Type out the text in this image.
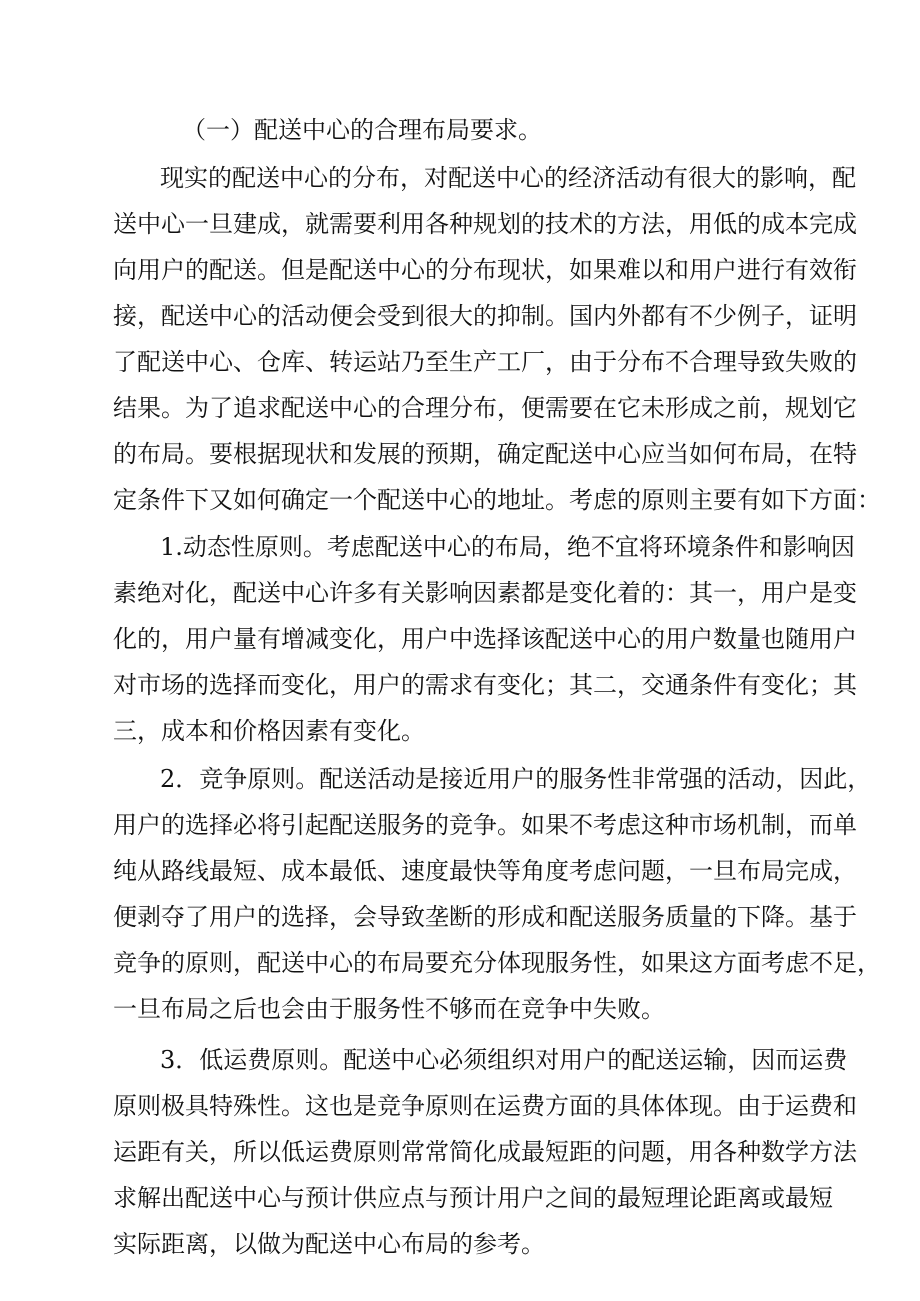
（一）配送中心的合理布局要求。
现实的配送中心的分布，对配送中心的经济活动有很大的影响，配
送中心一旦建成，就需要利用各种规划的技术的方法，用低的成本完成
向用户的配送。但是配送中心的分布现状，如果难以和用户进行有效衔
接，配送中心的活动便会受到很大的抑制。国内外都有不少例子，证明
了配送中心、仓库、转运站乃至生产工厂，由于分布不合理导致失败的
结果。为了追求配送中心的合理分布，便需要在它未形成之前，规划它
的布局。要根据现状和发展的预期，确定配送中心应当如何布局，在特
定条件下又如何确定一个配送中心的地址。考虑的原则主要有如下方面：
1.动态性原则。考虑配送中心的布局，绝不宜将环境条件和影响因
素绝对化，配送中心许多有关影响因素都是变化着的：其一，用户是变
化的，用户量有增减变化，用户中选择该配送中心的用户数量也随用户
对市场的选择而变化，用户的需求有变化；其二，交通条件有变化；其
三，成本和价格因素有变化。
2．竞争原则。配送活动是接近用户的服务性非常强的活动，因此，
用户的选择必将引起配送服务的竞争。如果不考虑这种市场机制，而单
纯从路线最短、成本最低、速度最快等角度考虑问题，一旦布局完成，
便剥夺了用户的选择，会导致垄断的形成和配送服务质量的下降。基于
竞争的原则，配送中心的布局要充分体现服务性，如果这方面考虑不足，
一旦布局之后也会由于服务性不够而在竞争中失败。
3．低运费原则。配送中心必须组织对用户的配送运输，因而运费
原则极具特殊性。这也是竞争原则在运费方面的具体体现。由于运费和
运距有关，所以低运费原则常常简化成最短距的问题，用各种数学方法
求解出配送中心与预计供应点与预计用户之间的最短理论距离或最短
实际距离，以做为配送中心布局的参考。
